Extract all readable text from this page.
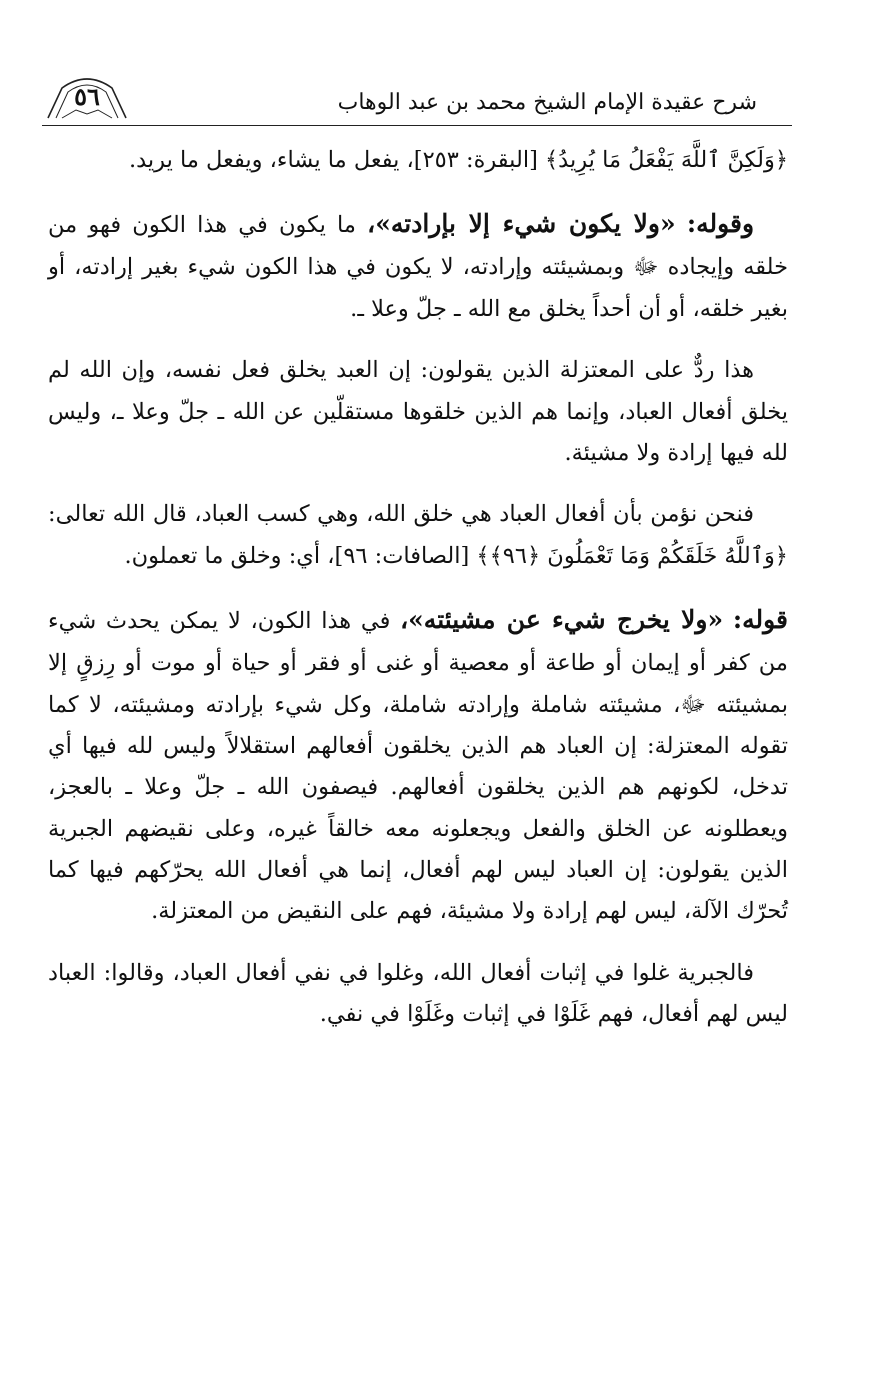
٥٦	شرح عقيدة الإمام الشيخ محمد بن عبد الوهاب

﴿وَلَكِنَّ ٱللَّهَ يَفْعَلُ مَا يُرِيدُ﴾ [البقرة: ٢٥٣]، يفعل ما يشاء، ويفعل ما يريد.

وقوله: «ولا يكون شيء إلا بإرادته»، ما يكون في هذا الكون فهو من خلقه وإيجاده ﷻ وبمشيئته وإرادته، لا يكون في هذا الكون شيء بغير إرادته، أو بغير خلقه، أو أن أحداً يخلق مع الله ـ جلّ وعلا ـ.

هذا ردٌّ على المعتزلة الذين يقولون: إن العبد يخلق فعل نفسه، وإن الله لم يخلق أفعال العباد، وإنما هم الذين خلقوها مستقلّين عن الله ـ جلّ وعلا ـ، وليس لله فيها إرادة ولا مشيئة.

فنحن نؤمن بأن أفعال العباد هي خلق الله، وهي كسب العباد، قال الله تعالى: ﴿وَٱللَّهُ خَلَقَكُمْ وَمَا تَعْمَلُونَ ﴿٩٦﴾﴾ [الصافات: ٩٦]، أي: وخلق ما تعملون.

قوله: «ولا يخرج شيء عن مشيئته»، في هذا الكون، لا يمكن يحدث شيء من كفر أو إيمان أو طاعة أو معصية أو غنى أو فقر أو حياة أو موت أو رِزقٍ إلا بمشيئته ﷻ، مشيئته شاملة وإرادته شاملة، وكل شيء بإرادته ومشيئته، لا كما تقوله المعتزلة: إن العباد هم الذين يخلقون أفعالهم استقلالاً وليس لله فيها أي تدخل، لكونهم هم الذين يخلقون أفعالهم. فيصفون الله ـ جلّ وعلا ـ بالعجز، ويعطلونه عن الخلق والفعل ويجعلونه معه خالقاً غيره، وعلى نقيضهم الجبرية الذين يقولون: إن العباد ليس لهم أفعال، إنما هي أفعال الله يحرّكهم فيها كما تُحرّك الآلة، ليس لهم إرادة ولا مشيئة، فهم على النقيض من المعتزلة.

فالجبرية غلوا في إثبات أفعال الله، وغلوا في نفي أفعال العباد، وقالوا: العباد ليس لهم أفعال، فهم غَلَوْا في إثبات وغَلَوْا في نفي.
